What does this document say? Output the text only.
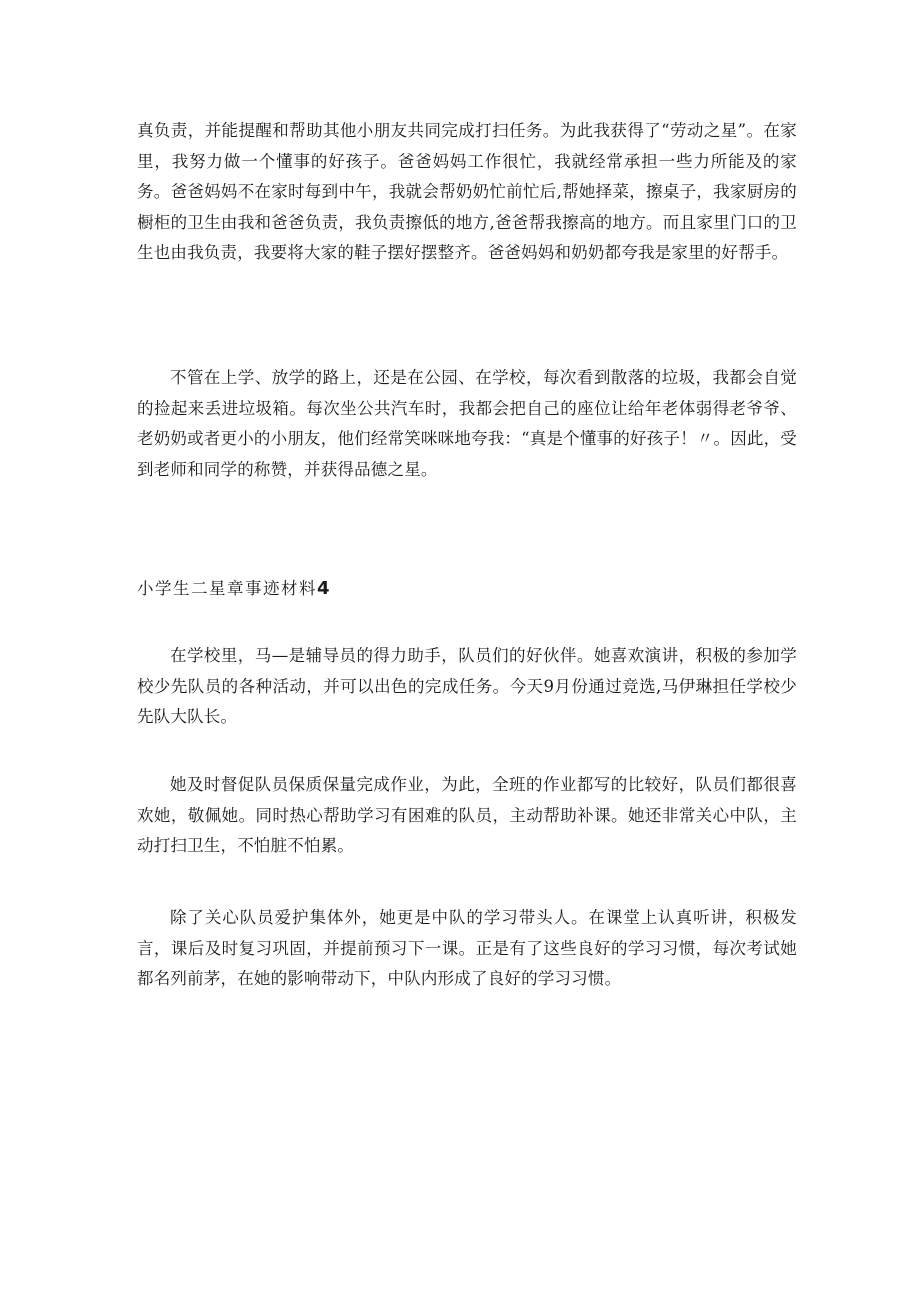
真负责，并能提醒和帮助其他小朋友共同完成打扫任务。为此我获得了“劳动之星”。在家里，我努力做一个懂事的好孩子。爸爸妈妈工作很忙，我就经常承担一些力所能及的家务。爸爸妈妈不在家时每到中午，我就会帮奶奶忙前忙后,帮她择菜，擦桌子，我家厨房的橱柜的卫生由我和爸爸负责，我负责擦低的地方,爸爸帮我擦高的地方。而且家里门口的卫生也由我负责，我要将大家的鞋子摆好摆整齐。爸爸妈妈和奶奶都夸我是家里的好帮手。

不管在上学、放学的路上，还是在公园、在学校，每次看到散落的垃圾，我都会自觉的捡起来丢进垃圾箱。每次坐公共汽车时，我都会把自己的座位让给年老体弱得老爷爷、老奶奶或者更小的小朋友，他们经常笑咪咪地夸我：“真是个懂事的好孩子！〃。因此，受到老师和同学的称赞，并获得品德之星。

小学生二星章事迹材料4

在学校里，马—是辅导员的得力助手，队员们的好伙伴。她喜欢演讲，积极的参加学校少先队员的各种活动，并可以出色的完成任务。今天9月份通过竞选,马伊琳担任学校少先队大队长。

她及时督促队员保质保量完成作业，为此，全班的作业都写的比较好，队员们都很喜欢她，敬佩她。同时热心帮助学习有困难的队员，主动帮助补课。她还非常关心中队，主动打扫卫生，不怕脏不怕累。

除了关心队员爱护集体外，她更是中队的学习带头人。在课堂上认真听讲，积极发言，课后及时复习巩固，并提前预习下一课。正是有了这些良好的学习习惯，每次考试她都名列前茅，在她的影响带动下，中队内形成了良好的学习习惯。
